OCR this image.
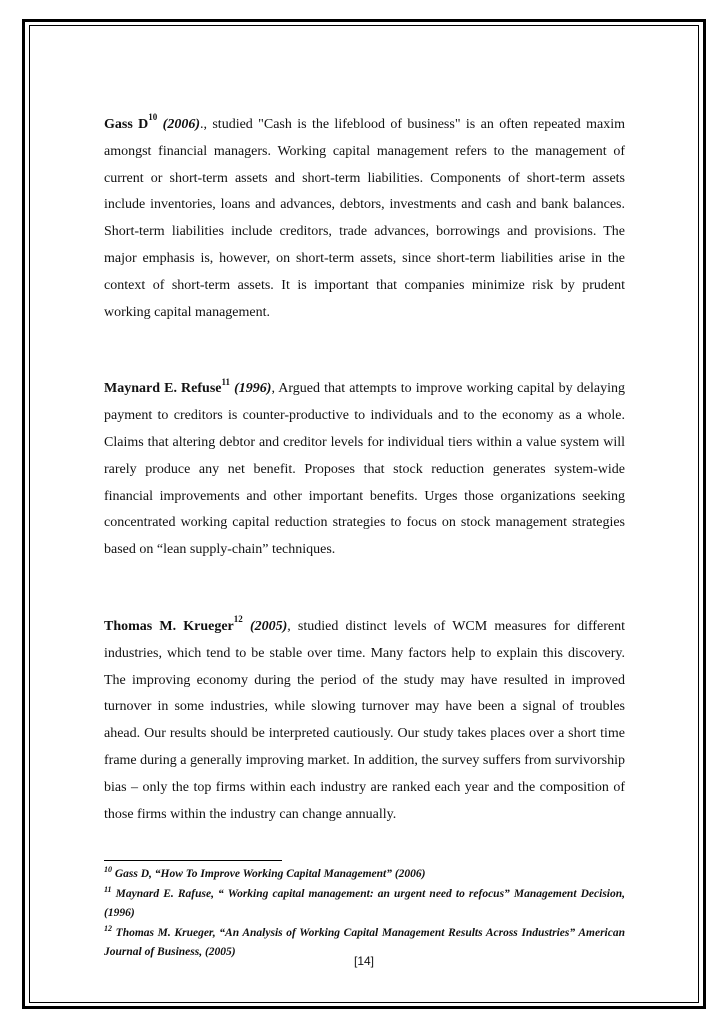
Gass $D^{10}$ (2006)., studied "Cash is the lifeblood of business" is an often repeated maxim amongst financial managers. Working capital management refers to the management of current or short-term assets and short-term liabilities. Components of short-term assets include inventories, loans and advances, debtors, investments and cash and bank balances. Short-term liabilities include creditors, trade advances, borrowings and provisions. The major emphasis is, however, on short-term assets, since short-term liabilities arise in the context of short-term assets. It is important that companies minimize risk by prudent working capital management.

Maynard E. Refuse$^{11}$ (1996), Argued that attempts to improve working capital by delaying payment to creditors is counter-productive to individuals and to the economy as a whole. Claims that altering debtor and creditor levels for individual tiers within a value system will rarely produce any net benefit. Proposes that stock reduction generates system-wide financial improvements and other important benefits. Urges those organizations seeking concentrated working capital reduction strategies to focus on stock management strategies based on “lean supply-chain” techniques.

Thomas M. Krueger$^{12}$ (2005), studied distinct levels of WCM measures for different industries, which tend to be stable over time. Many factors help to explain this discovery. The improving economy during the period of the study may have resulted in improved turnover in some industries, while slowing turnover may have been a signal of troubles ahead. Our results should be interpreted cautiously. Our study takes places over a short time frame during a generally improving market. In addition, the survey suffers from survivorship bias – only the top firms within each industry are ranked each year and the composition of those firms within the industry can change annually.

$^{10}$ Gass D, “How To Improve Working Capital Management” (2006)

$^{11}$ Maynard E. Rafuse, “ Working capital management: an urgent need to refocus” Management Decision, (1996)

$^{12}$ Thomas M. Krueger, “An Analysis of Working Capital Management Results Across Industries” American Journal of Business, (2005)

[14]
